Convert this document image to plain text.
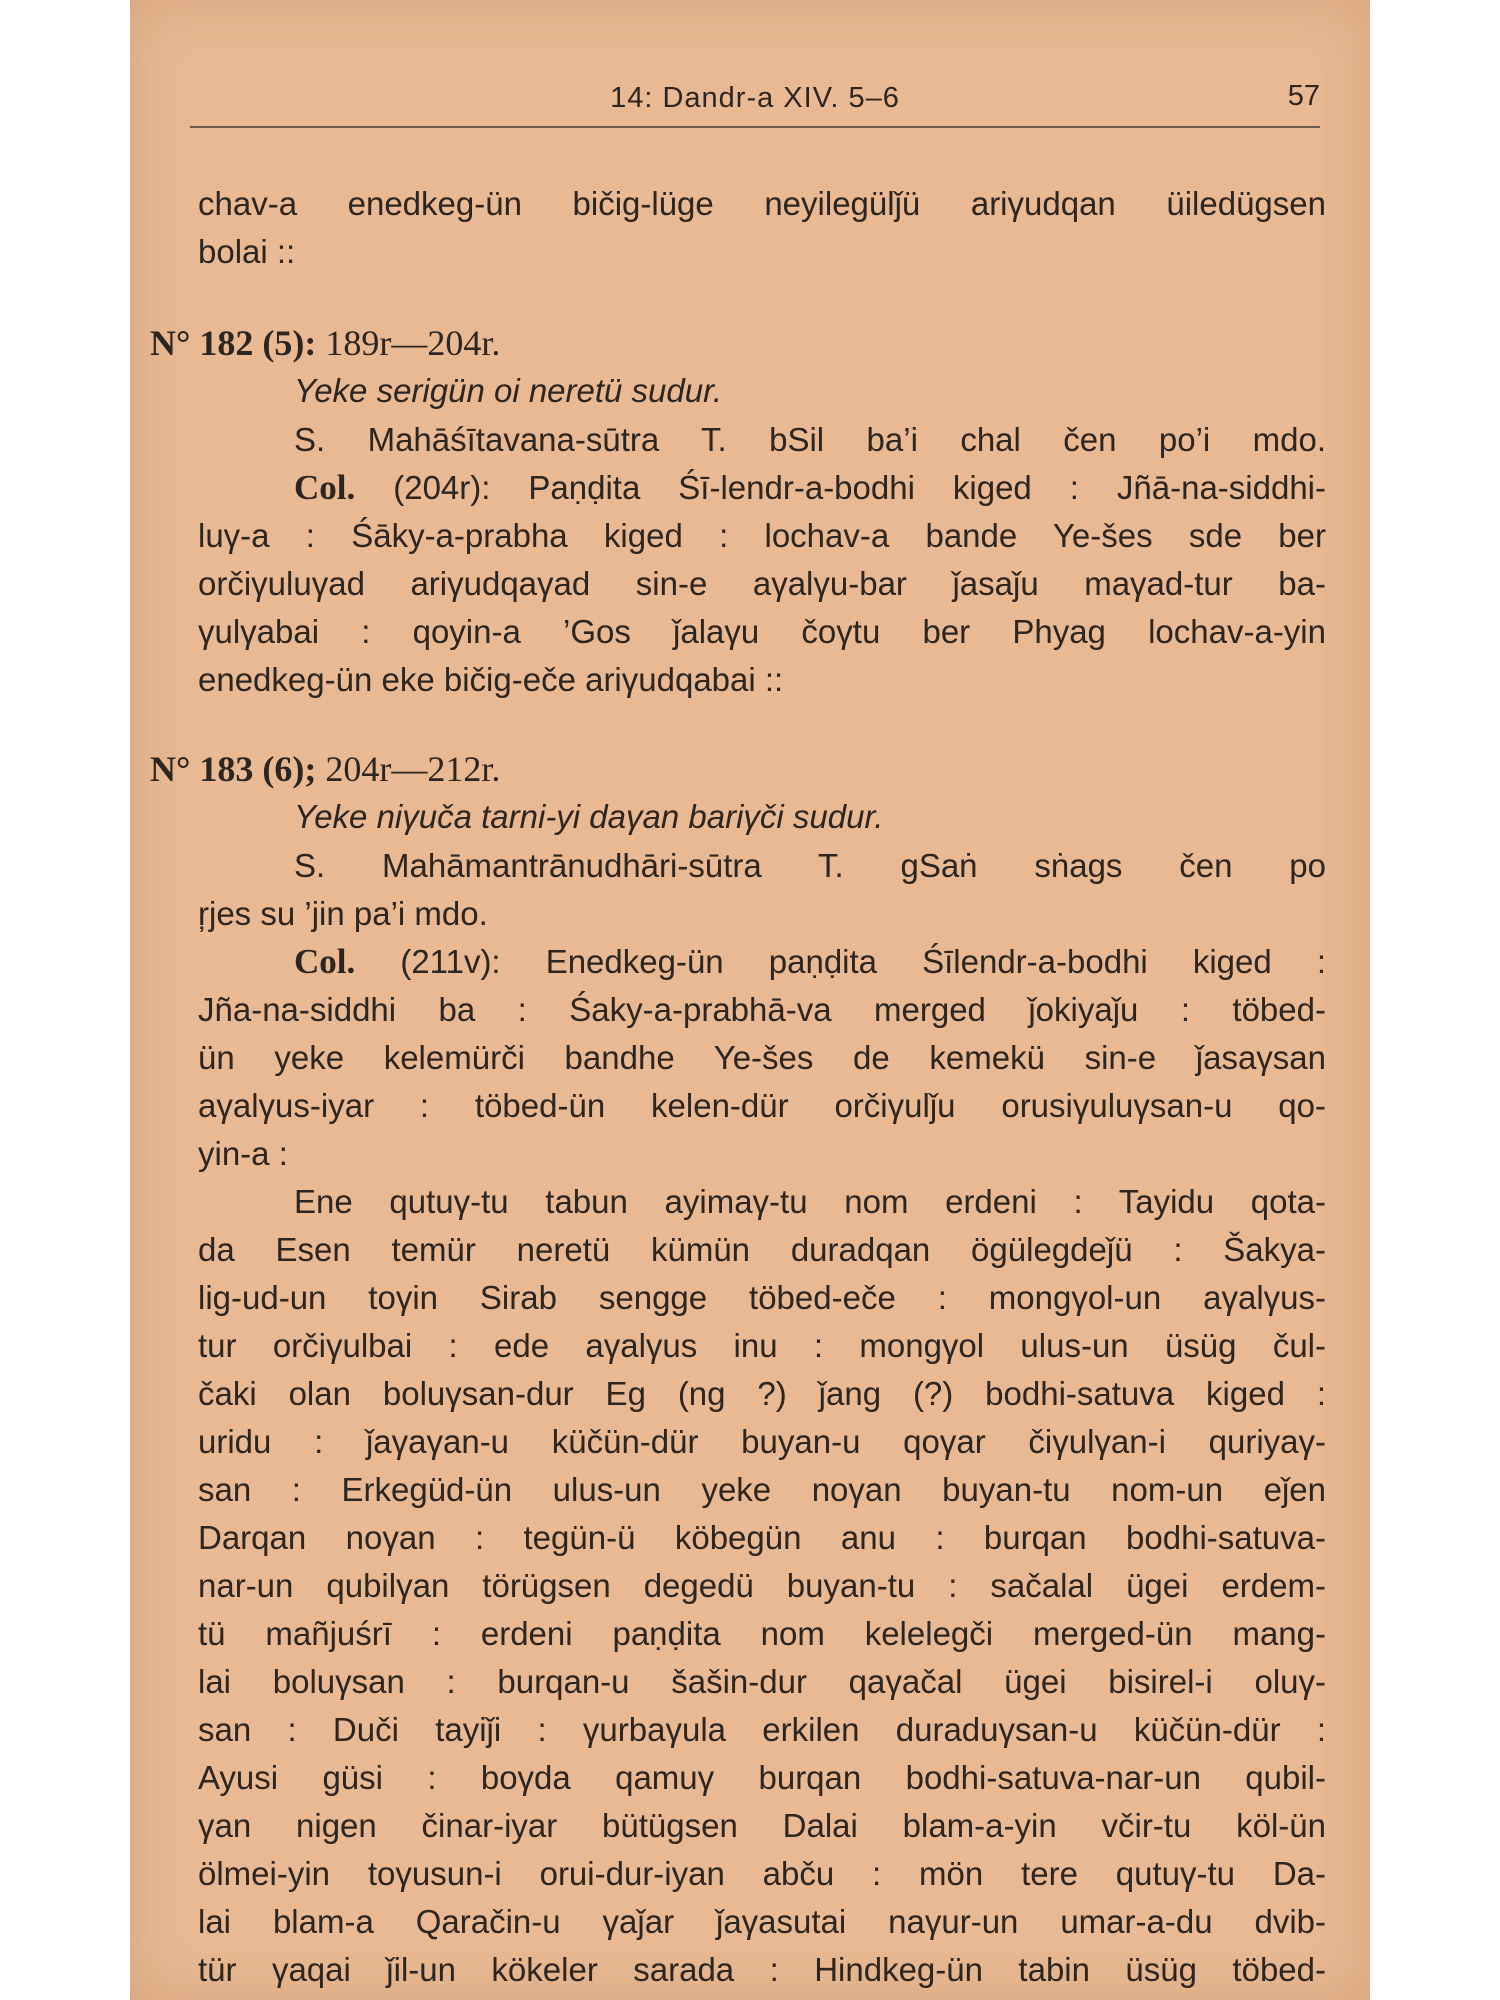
14: Dandr-a XIV. 5–6	57
chav-a enedkeg-ün bičig-lüge neyilegülǰü ariγudqan üiledügsen
bolai ::
N° 182 (5): 189r—204r.
Yeke serigün oi neretü sudur.
S. Mahāśītavana-sūtra T. bSil ba’i chal čen po’i mdo.
Col. (204r): Paṇḍita Śī-lendr-a-bodhi kiged : Jñā-na-siddhi-
luγ-a : Śāky-a-prabha kiged : lochav-a bande Ye-šes sde ber
orčiγuluγad ariγudqaγad sin-e aγalγu-bar ǰasaǰu maγad-tur ba-
γulγabai : qoyin-a ’Gos ǰalaγu čoγtu ber Phyag lochav-a-yin
enedkeg-ün eke bičig-eče ariγudqabai ::
N° 183 (6); 204r—212r.
Yeke niγuča tarni-yi daγan bariγči sudur.
S. Mahāmantrānudhāri-sūtra T. gSaṅ sṅags čen po
ŗjes su ’jin pa’i mdo.
Col. (211v): Enedkeg-ün paṇḍita Śīlendr-a-bodhi kiged :
Jña-na-siddhi ba : Śaky-a-prabhā-va merged ǰokiyaǰu : töbed-
ün yeke kelemürči bandhe Ye-šes de kemekü sin-e ǰasaγsan
aγalγus-iyar : töbed-ün kelen-dür orčiγulǰu orusiγuluγsan-u qo-
yin-a :
Ene qutuγ-tu tabun ayimaγ-tu nom erdeni : Tayidu qota-
da Esen temür neretü kümün duradqan ögülegdeǰü : Šakya-
lig-ud-un toγin Sirab sengge töbed-eče : mongγol-un aγalγus-
tur orčiγulbai : ede aγalγus inu : mongγol ulus-un üsüg čul-
čaki olan boluγsan-dur Eg (ng ?) ǰang (?) bodhi-satuva kiged :
uridu : ǰaγaγan-u küčün-dür buyan-u qoγar čiγulγan-i quriyaγ-
san : Erkegüd-ün ulus-un yeke noγan buyan-tu nom-un eǰen
Darqan noγan : tegün-ü köbegün anu : burqan bodhi-satuva-
nar-un qubilγan törügsen degedü buyan-tu : sačalal ügei erdem-
tü mañjuśrī : erdeni paṇḍita nom kelelegči merged-ün mang-
lai boluγsan : burqan-u šašin-dur qaγačal ügei bisirel-i oluγ-
san : Duči tayiǰi : γurbaγula erkilen duraduγsan-u küčün-dür :
Ayusi güsi : boγda qamuγ burqan bodhi-satuva-nar-un qubil-
γan nigen činar-iyar bütügsen Dalai blam-a-yin včir-tu köl-ün
ölmei-yin toγusun-i orui-dur-iyan abču : mön tere qutuγ-tu Da-
lai blam-a Qaračin-u γaǰar ǰaγasutai naγur-un umar-a-du dvib-
tür γaqai ǰil-un kökeler sarada : Hindkeg-ün tabin üsüg töbed-
